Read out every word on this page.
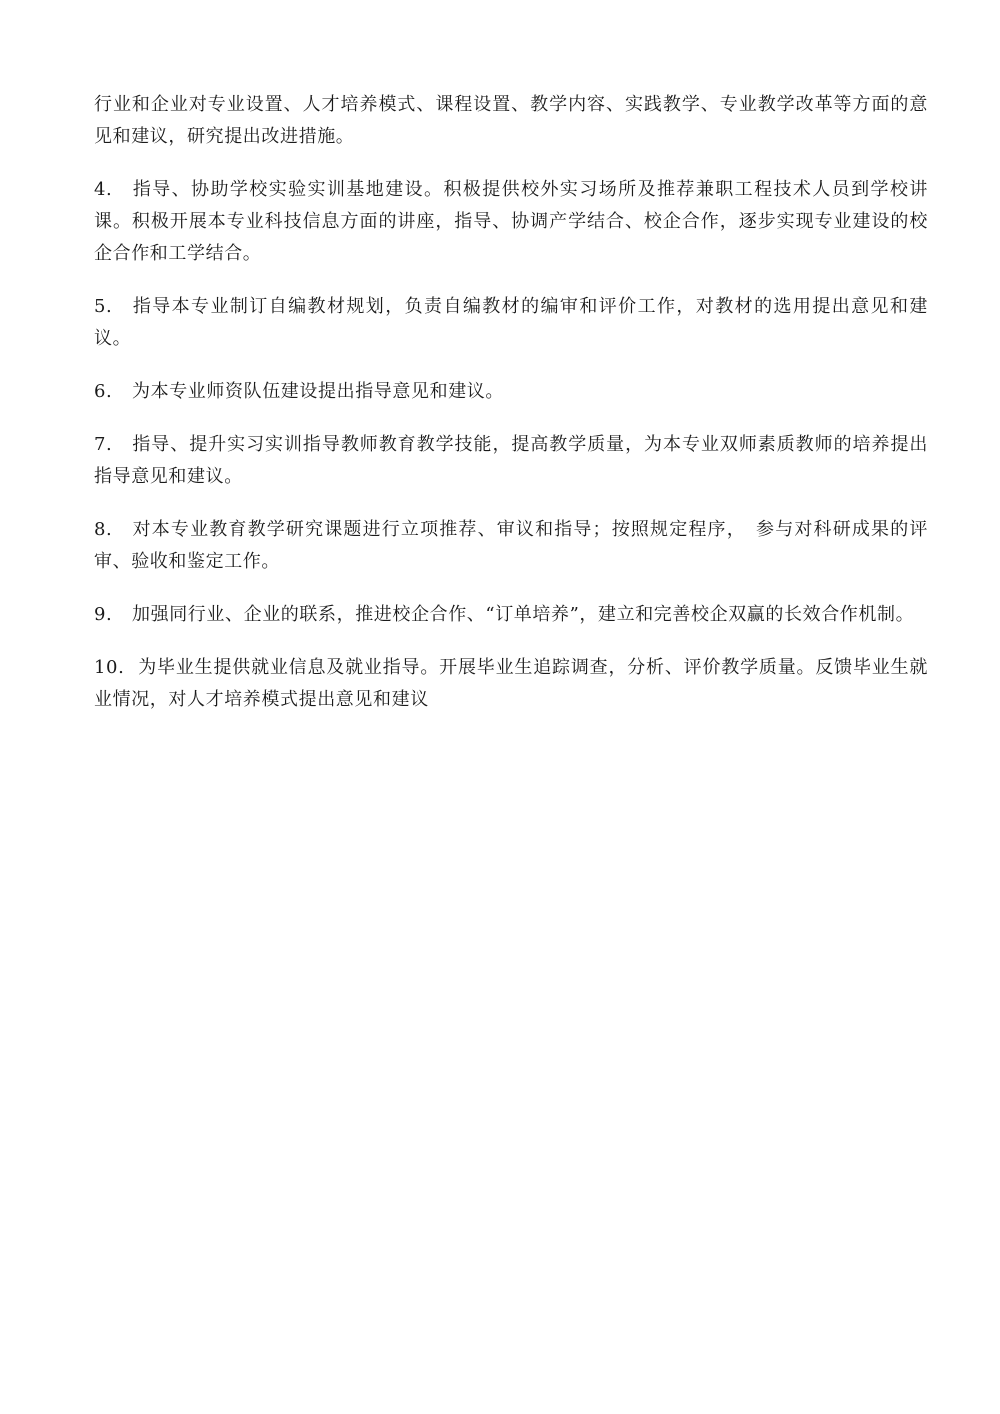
行业和企业对专业设置、人才培养模式、课程设置、教学内容、实践教学、专业教学改革等方面的意见和建议，研究提出改进措施。

4. 指导、协助学校实验实训基地建设。积极提供校外实习场所及推荐兼职工程技术人员到学校讲课。积极开展本专业科技信息方面的讲座，指导、协调产学结合、校企合作，逐步实现专业建设的校企合作和工学结合。

5. 指导本专业制订自编教材规划，负责自编教材的编审和评价工作，对教材的选用提出意见和建议。

6. 为本专业师资队伍建设提出指导意见和建议。

7. 指导、提升实习实训指导教师教育教学技能，提高教学质量，为本专业双师素质教师的培养提出指导意见和建议。

8. 对本专业教育教学研究课题进行立项推荐、审议和指导；按照规定程序，　参与对科研成果的评审、验收和鉴定工作。

9. 加强同行业、企业的联系，推进校企合作、“订单培养”，建立和完善校企双赢的长效合作机制。

10. 为毕业生提供就业信息及就业指导。开展毕业生追踪调查，分析、评价教学质量。反馈毕业生就业情况，对人才培养模式提出意见和建议
